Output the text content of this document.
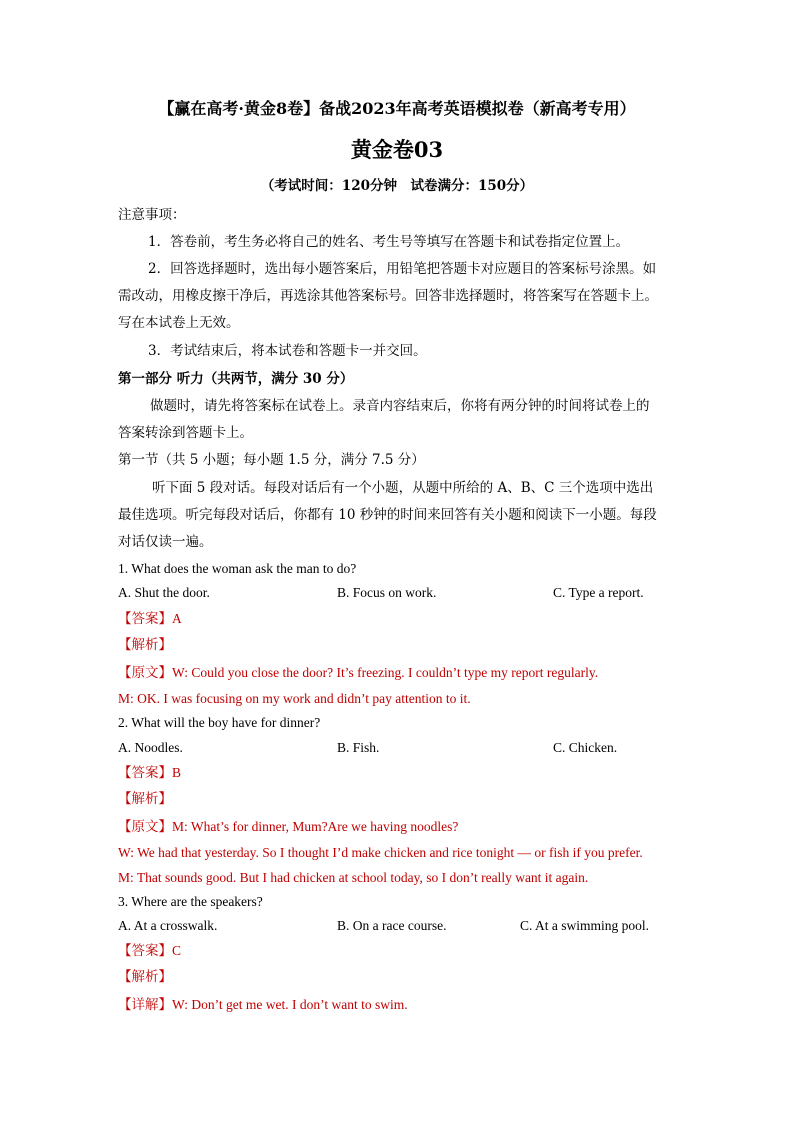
【赢在高考·黄金8卷】备战2023年高考英语模拟卷（新高考专用）
黄金卷03
（考试时间：120分钟　试卷满分：150分）
注意事项：
1．答卷前，考生务必将自己的姓名、考生号等填写在答题卡和试卷指定位置上。
2．回答选择题时，选出每小题答案后，用铅笔把答题卡对应题目的答案标号涂黑。如
需改动，用橡皮擦干净后，再选涂其他答案标号。回答非选择题时，将答案写在答题卡上。
写在本试卷上无效。
3．考试结束后，将本试卷和答题卡一并交回。
第一部分 听力（共两节，满分 30 分）
做题时，请先将答案标在试卷上。录音内容结束后，你将有两分钟的时间将试卷上的
答案转涂到答题卡上。
第一节（共 5 小题；每小题 1.5 分，满分 7.5 分）
听下面 5 段对话。每段对话后有一个小题，从题中所给的 A、B、C 三个选项中选出
最佳选项。听完每段对话后，你都有 10 秒钟的时间来回答有关小题和阅读下一小题。每段
对话仅读一遍。
1. What does the woman ask the man to do?
A. Shut the door.	B. Focus on work.	C. Type a report.
【答案】A
【解析】
【原文】W: Could you close the door? It’s freezing. I couldn’t type my report regularly.
M: OK. I was focusing on my work and didn’t pay attention to it.
2. What will the boy have for dinner?
A. Noodles.	B. Fish.	C. Chicken.
【答案】B
【解析】
【原文】M: What’s for dinner, Mum?Are we having noodles?
W: We had that yesterday. So I thought I’d make chicken and rice tonight — or fish if you prefer.
M: That sounds good. But I had chicken at school today, so I don’t really want it again.
3. Where are the speakers?
A. At a crosswalk.	B. On a race course.	C. At a swimming pool.
【答案】C
【解析】
【详解】W: Don’t get me wet. I don’t want to swim.
